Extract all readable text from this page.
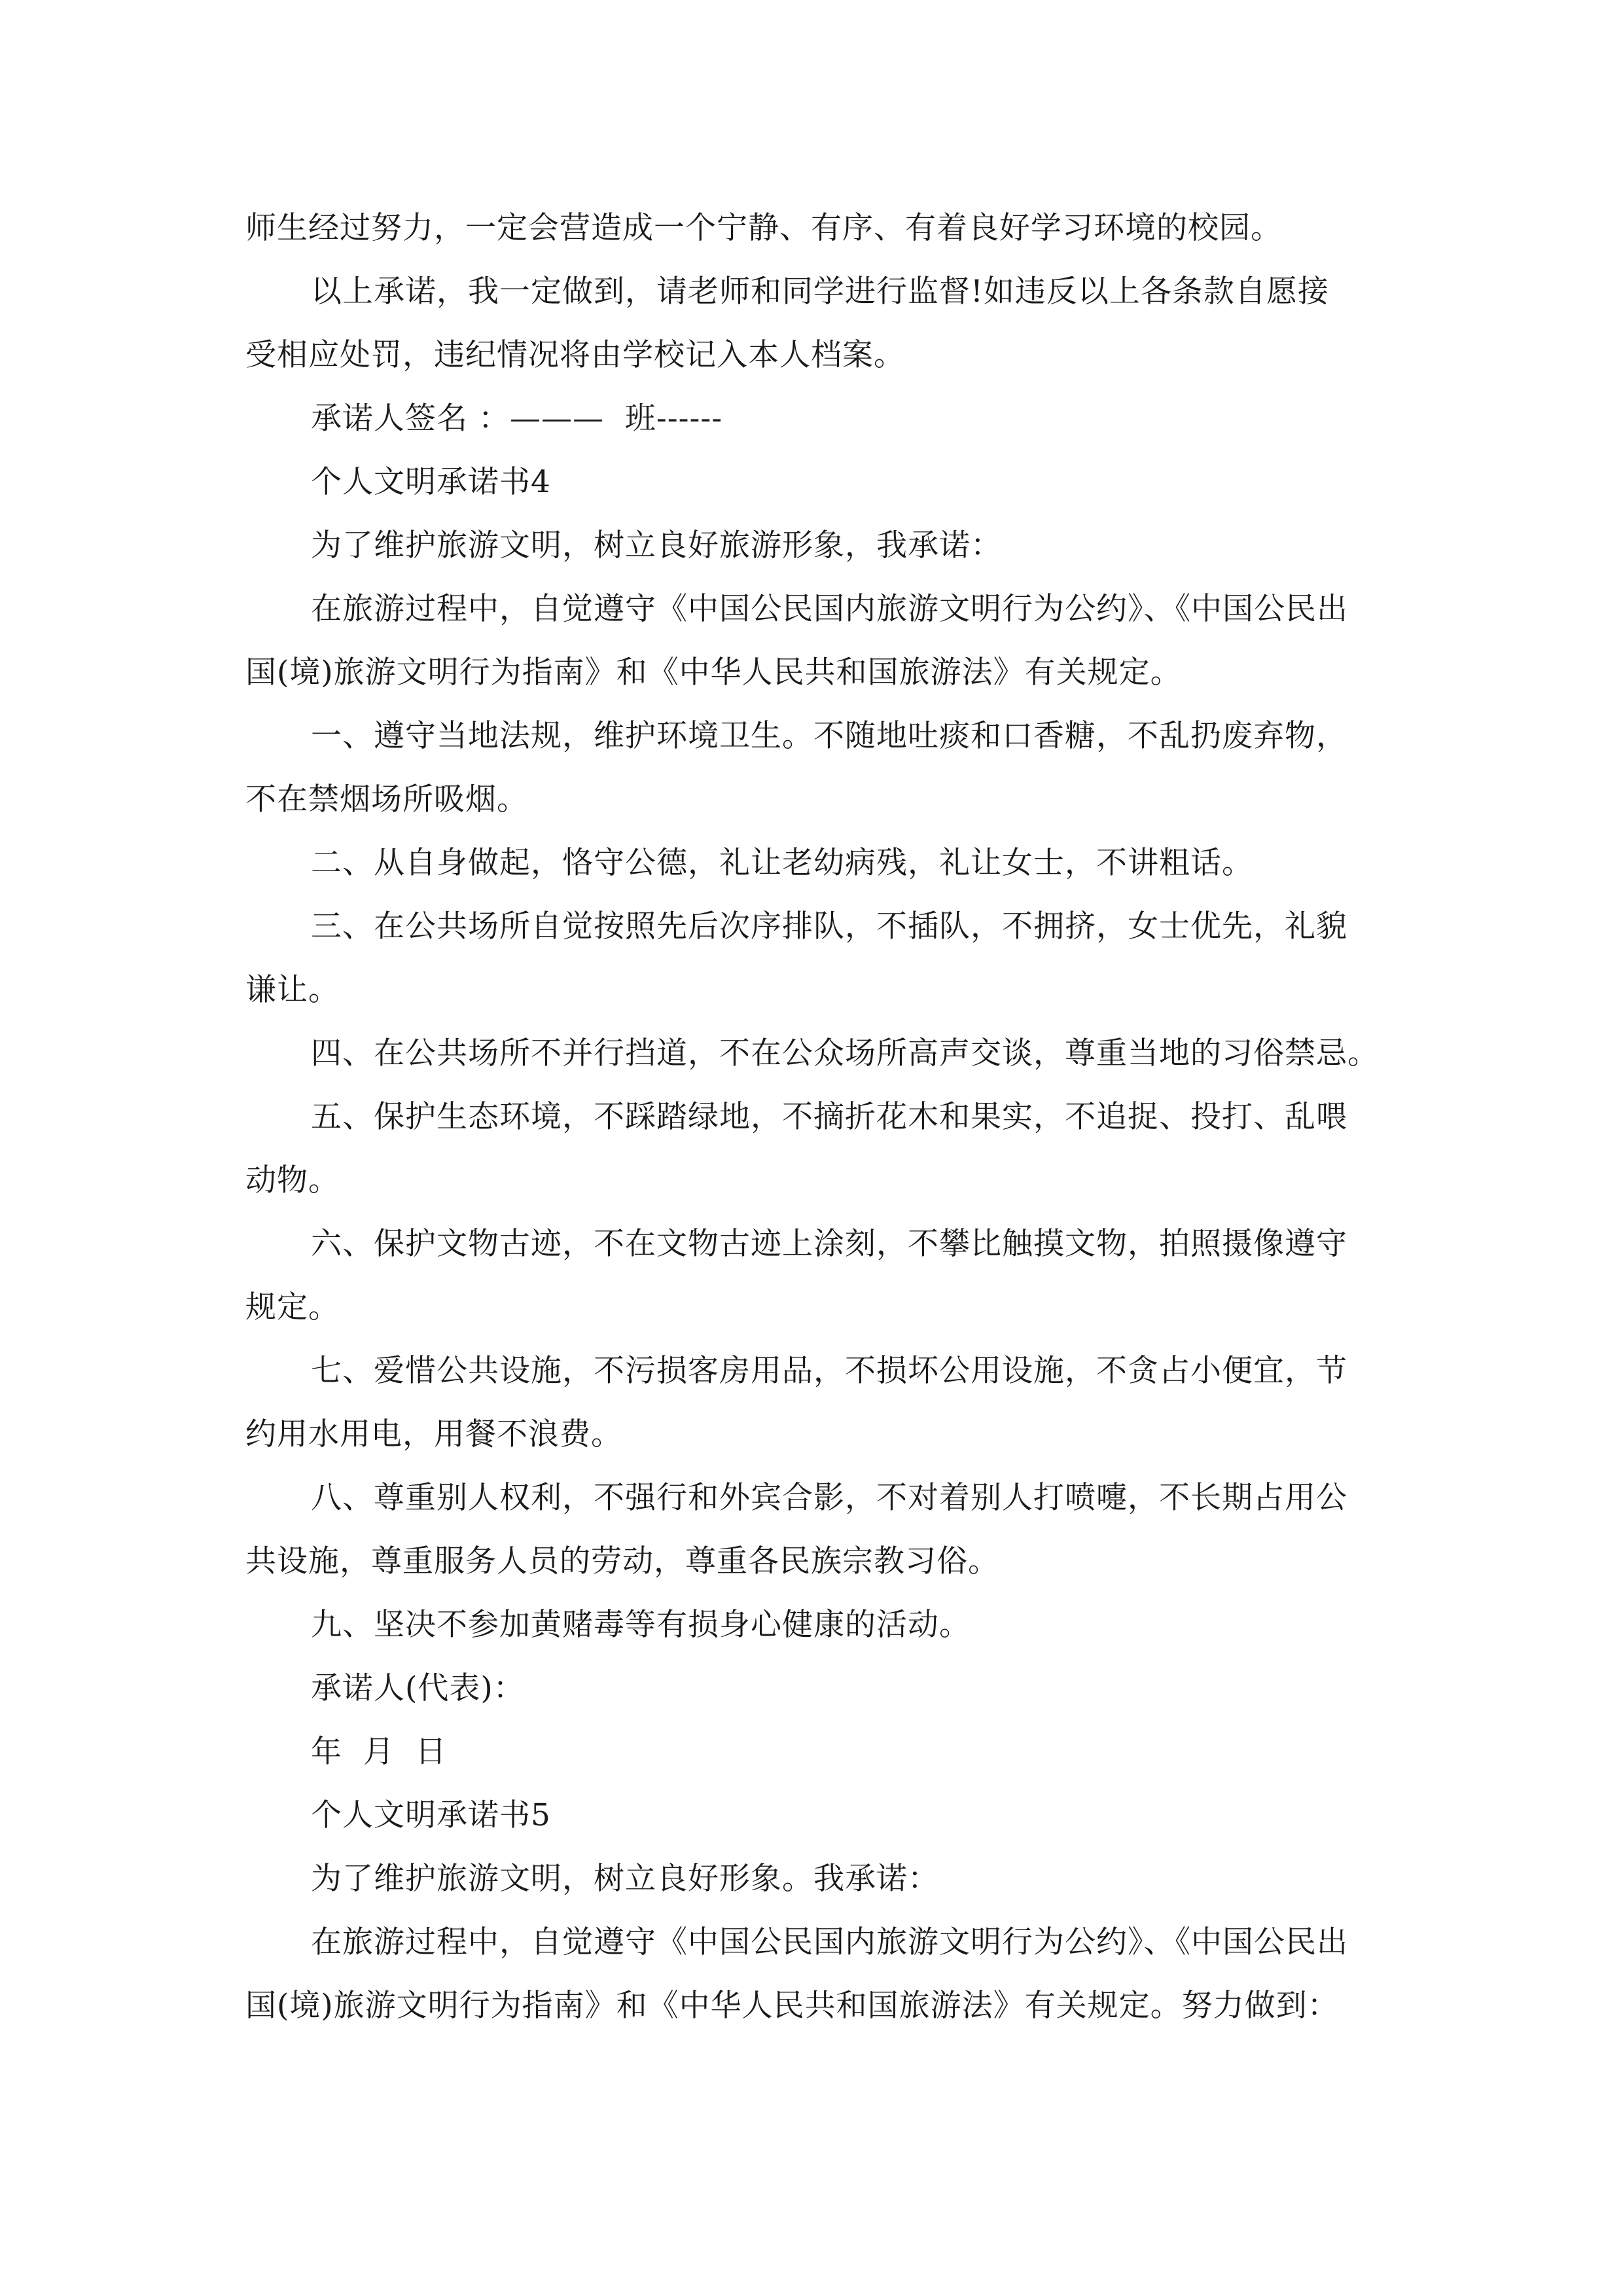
师生经过努力，一定会营造成一个宁静、有序、有着良好学习环境的校园。
以上承诺，我一定做到，请老师和同学进行监督!如违反以上各条款自愿接
受相应处罚，违纪情况将由学校记入本人档案。
承诺人签名 ：———  班------
个人文明承诺书4
为了维护旅游文明，树立良好旅游形象，我承诺：
在旅游过程中，自觉遵守《中国公民国内旅游文明行为公约》、《中国公民出
国(境)旅游文明行为指南》和《中华人民共和国旅游法》有关规定。
一、遵守当地法规，维护环境卫生。不随地吐痰和口香糖，不乱扔废弃物，
不在禁烟场所吸烟。
二、从自身做起，恪守公德，礼让老幼病残，礼让女士，不讲粗话。
三、在公共场所自觉按照先后次序排队，不插队，不拥挤，女士优先，礼貌
谦让。
四、在公共场所不并行挡道，不在公众场所高声交谈，尊重当地的习俗禁忌。
五、保护生态环境，不踩踏绿地，不摘折花木和果实，不追捉、投打、乱喂
动物。
六、保护文物古迹，不在文物古迹上涂刻，不攀比触摸文物，拍照摄像遵守
规定。
七、爱惜公共设施，不污损客房用品，不损坏公用设施，不贪占小便宜，节
约用水用电，用餐不浪费。
八、尊重别人权利，不强行和外宾合影，不对着别人打喷嚏，不长期占用公
共设施，尊重服务人员的劳动，尊重各民族宗教习俗。
九、坚决不参加黄赌毒等有损身心健康的活动。
承诺人(代表)：
年  月  日
个人文明承诺书5
为了维护旅游文明，树立良好形象。我承诺：
在旅游过程中，自觉遵守《中国公民国内旅游文明行为公约》、《中国公民出
国(境)旅游文明行为指南》和《中华人民共和国旅游法》有关规定。努力做到：
